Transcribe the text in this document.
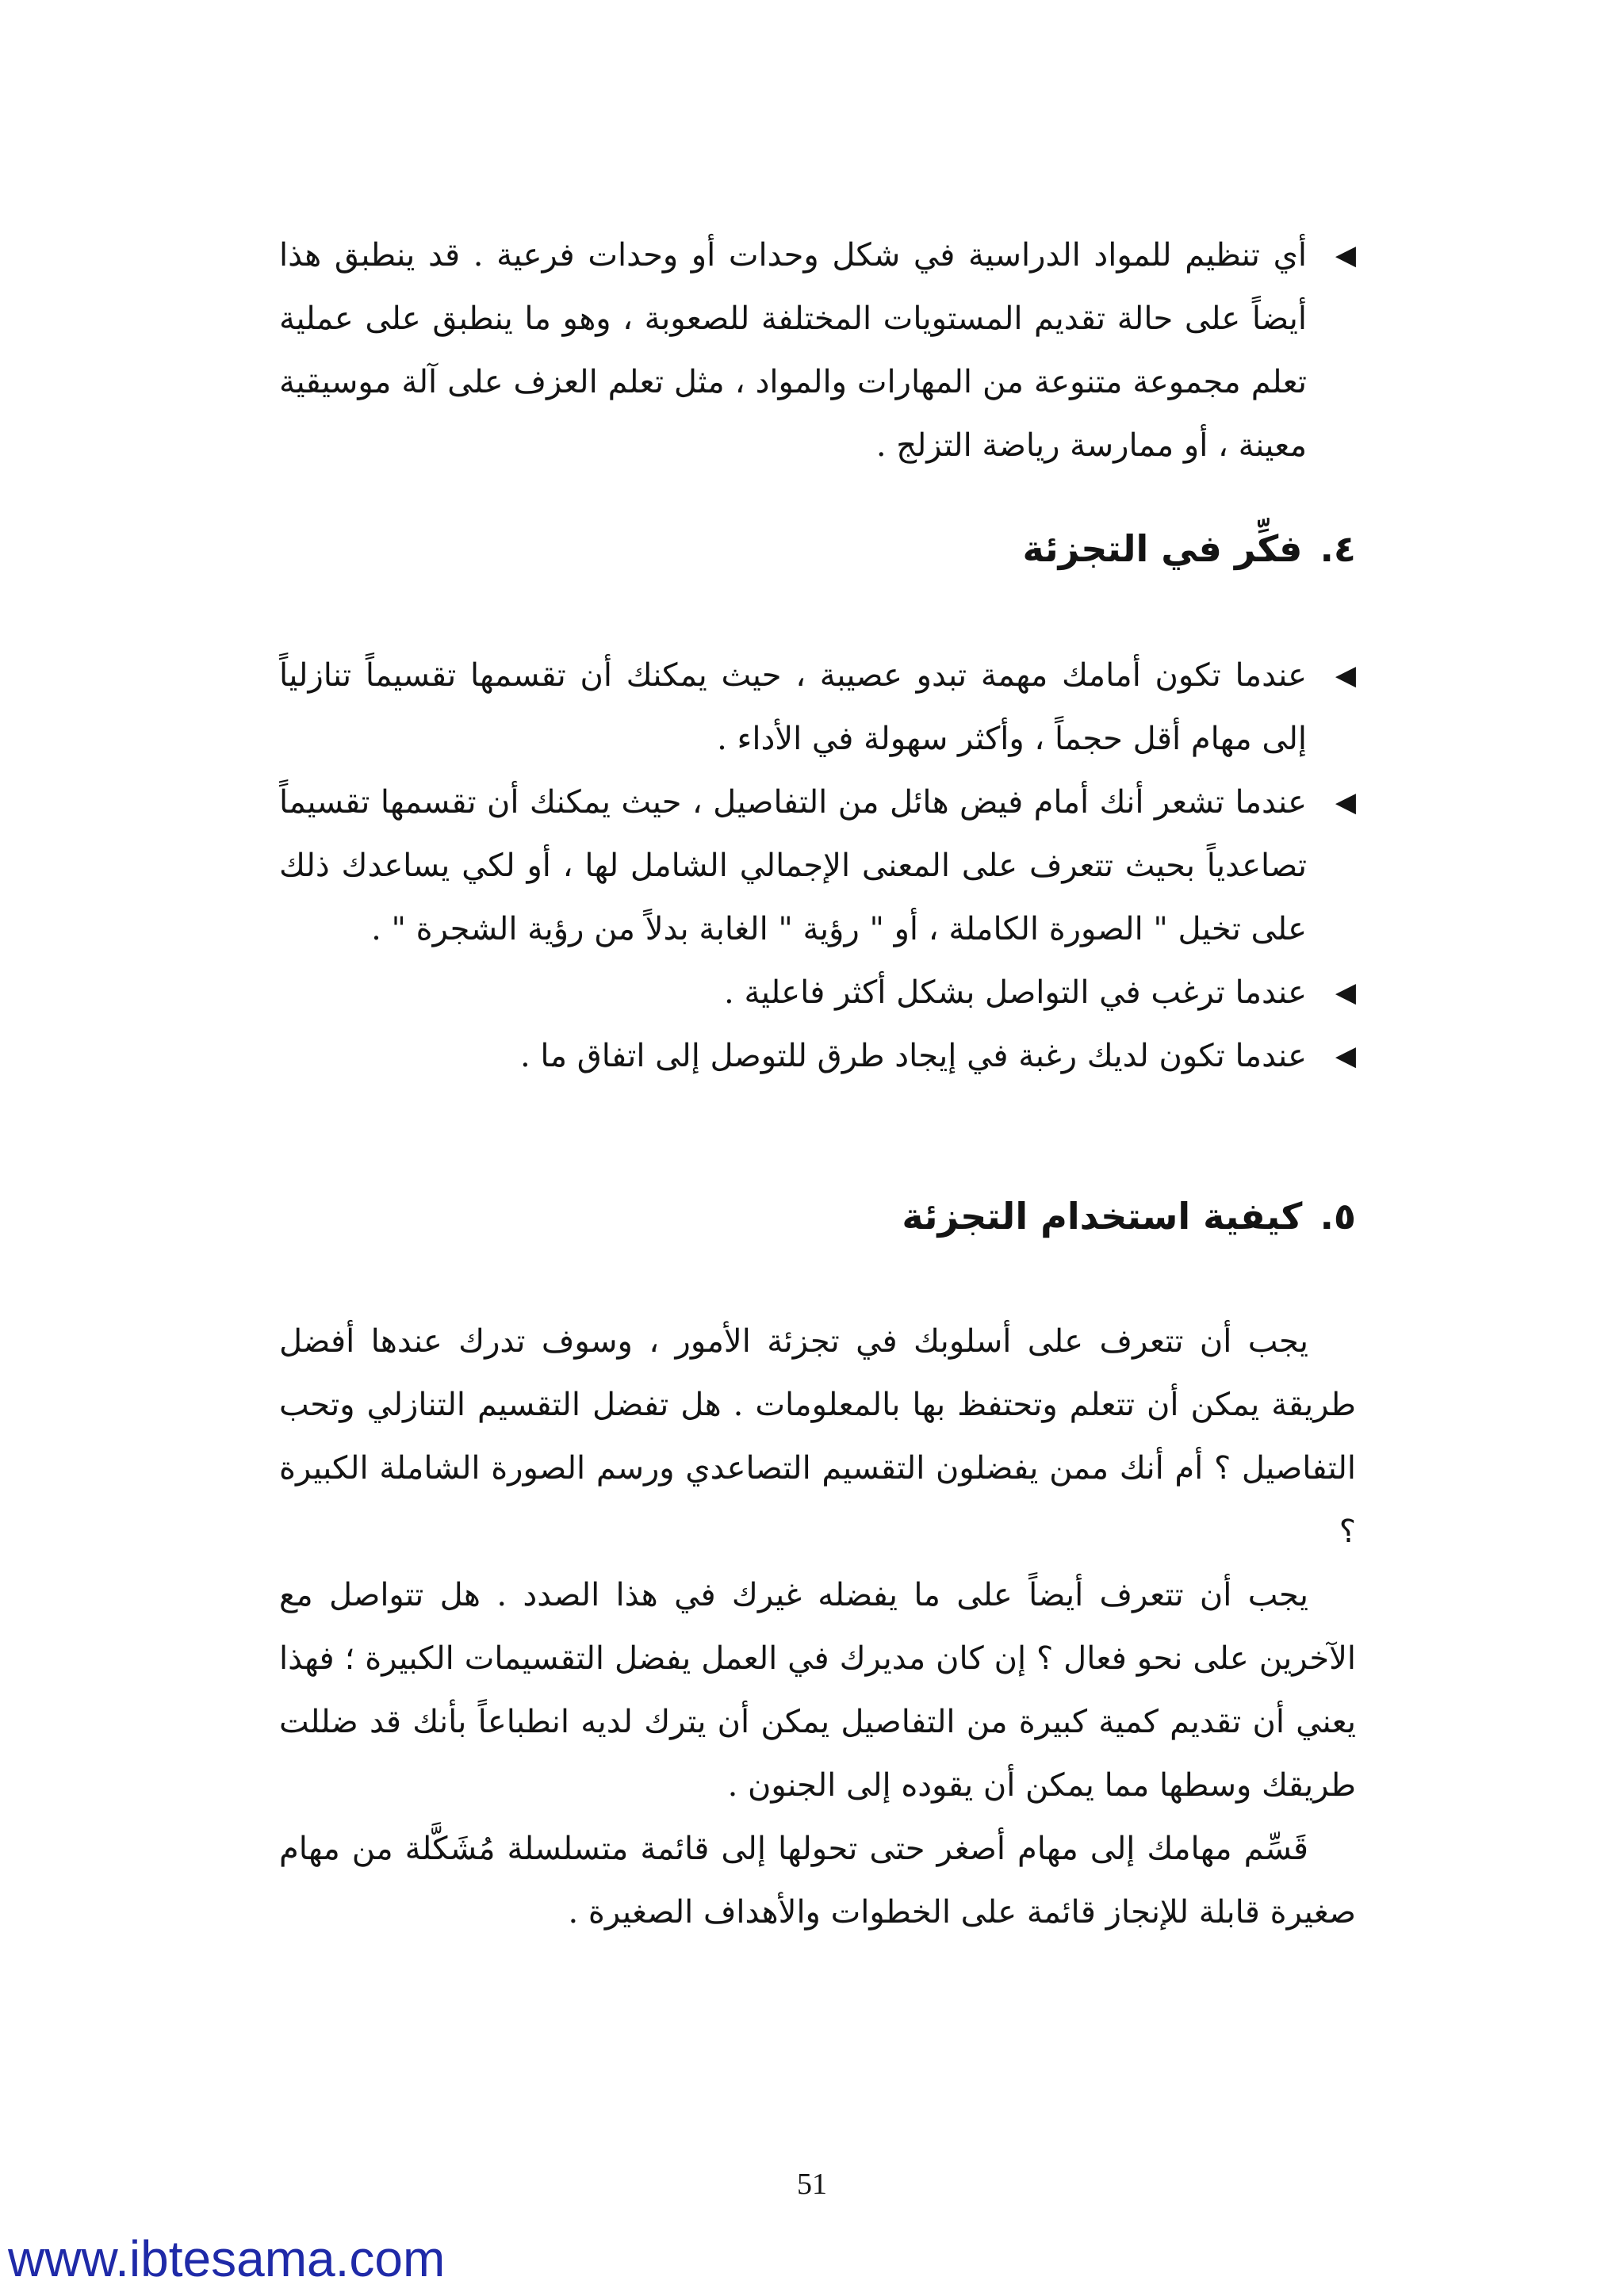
◀
أي تنظيم للمواد الدراسية في شكل وحدات أو وحدات فرعية . قد ينطبق هذا أيضاً على حالة تقديم المستويات المختلفة للصعوبة ، وهو ما ينطبق على عملية تعلم مجموعة متنوعة من المهارات والمواد ، مثل تعلم العزف على آلة موسيقية معينة ، أو ممارسة رياضة التزلج .
٤.فكِّر في التجزئة
◀
عندما تكون أمامك مهمة تبدو عصيبة ، حيث يمكنك أن تقسمها تقسيماً تنازلياً إلى مهام أقل حجماً ، وأكثر سهولة في الأداء .
◀
عندما تشعر أنك أمام فيض هائل من التفاصيل ، حيث يمكنك أن تقسمها تقسيماً تصاعدياً بحيث تتعرف على المعنى الإجمالي الشامل لها ، أو لكي يساعدك ذلك على تخيل " الصورة الكاملة ، أو " رؤية " الغابة بدلاً من رؤية الشجرة " .
◀
عندما ترغب في التواصل بشكل أكثر فاعلية .
◀
عندما تكون لديك رغبة في إيجاد طرق للتوصل إلى اتفاق ما .
٥.كيفية استخدام التجزئة

يجب أن تتعرف على أسلوبك في تجزئة الأمور ، وسوف تدرك عندها أفضل طريقة يمكن أن تتعلم وتحتفظ بها بالمعلومات . هل تفضل التقسيم التنازلي وتحب التفاصيل ؟ أم أنك ممن يفضلون التقسيم التصاعدي ورسم الصورة الشاملة الكبيرة ؟

يجب أن تتعرف أيضاً على ما يفضله غيرك في هذا الصدد . هل تتواصل مع الآخرين على نحو فعال ؟ إن كان مديرك في العمل يفضل التقسيمات الكبيرة ؛ فهذا يعني أن تقديم كمية كبيرة من التفاصيل يمكن أن يترك لديه انطباعاً بأنك قد ضللت طريقك وسطها مما يمكن أن يقوده إلى الجنون .

قَسِّم مهامك إلى مهام أصغر حتى تحولها إلى قائمة متسلسلة مُشَكَّلة من مهام صغيرة قابلة للإنجاز قائمة على الخطوات والأهداف الصغيرة .

51
www.ibtesama.com
